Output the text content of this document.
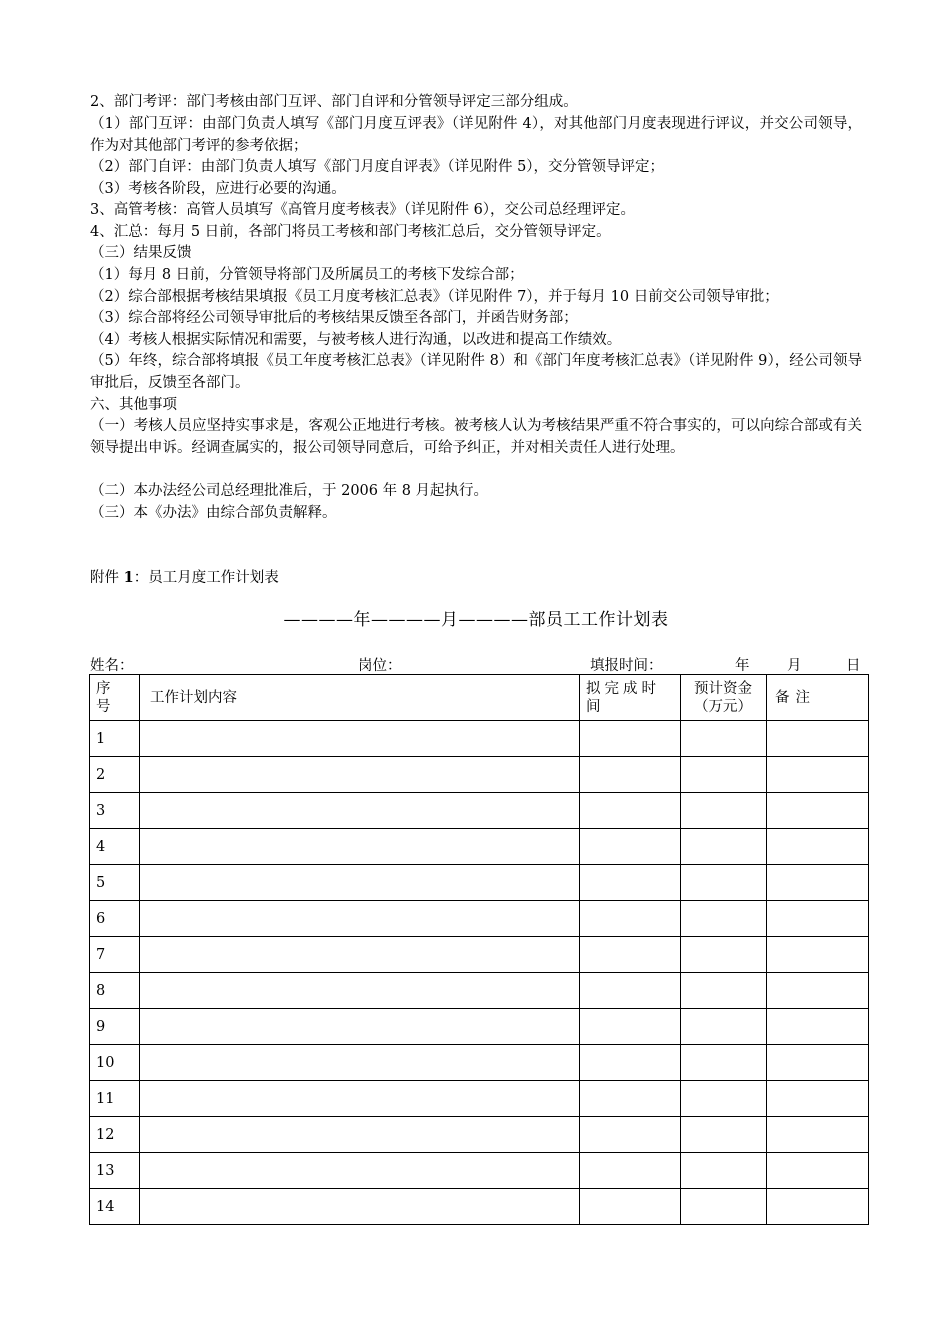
2、部门考评：部门考核由部门互评、部门自评和分管领导评定三部分组成。

（1）部门互评：由部门负责人填写《部门月度互评表》（详见附件 4），对其他部门月度表现进行评议，并交公司领导，作为对其他部门考评的参考依据；

（2）部门自评：由部门负责人填写《部门月度自评表》（详见附件 5），交分管领导评定；

（3）考核各阶段，应进行必要的沟通。

3、高管考核：高管人员填写《高管月度考核表》（详见附件 6），交公司总经理评定。

4、汇总：每月 5 日前，各部门将员工考核和部门考核汇总后，交分管领导评定。

（三）结果反馈

（1）每月 8 日前，分管领导将部门及所属员工的考核下发综合部；

（2）综合部根据考核结果填报《员工月度考核汇总表》（详见附件 7），并于每月 10 日前交公司领导审批；

（3）综合部将经公司领导审批后的考核结果反馈至各部门，并函告财务部；

（4）考核人根据实际情况和需要，与被考核人进行沟通，以改进和提高工作绩效。

（5）年终，综合部将填报《员工年度考核汇总表》（详见附件 8）和《部门年度考核汇总表》（详见附件 9），经公司领导审批后，反馈至各部门。

六、其他事项

（一）考核人员应坚持实事求是，客观公正地进行考核。被考核人认为考核结果严重不符合事实的，可以向综合部或有关领导提出申诉。经调查属实的，报公司领导同意后，可给予纠正，并对相关责任人进行处理。

（二）本办法经公司总经理批准后，于 2006 年 8 月起执行。

（三）本《办法》由综合部负责解释。

附件 1：员工月度工作计划表

————年————月————部员工工作计划表

姓名：	岗位：	填报时间：	年	月	日

序号	工作计划内容	拟完成时间	预计资金（万元）	备注
1				
2				
3				
4				
5				
6				
7				
8				
9				
10				
11				
12				
13				
14				
